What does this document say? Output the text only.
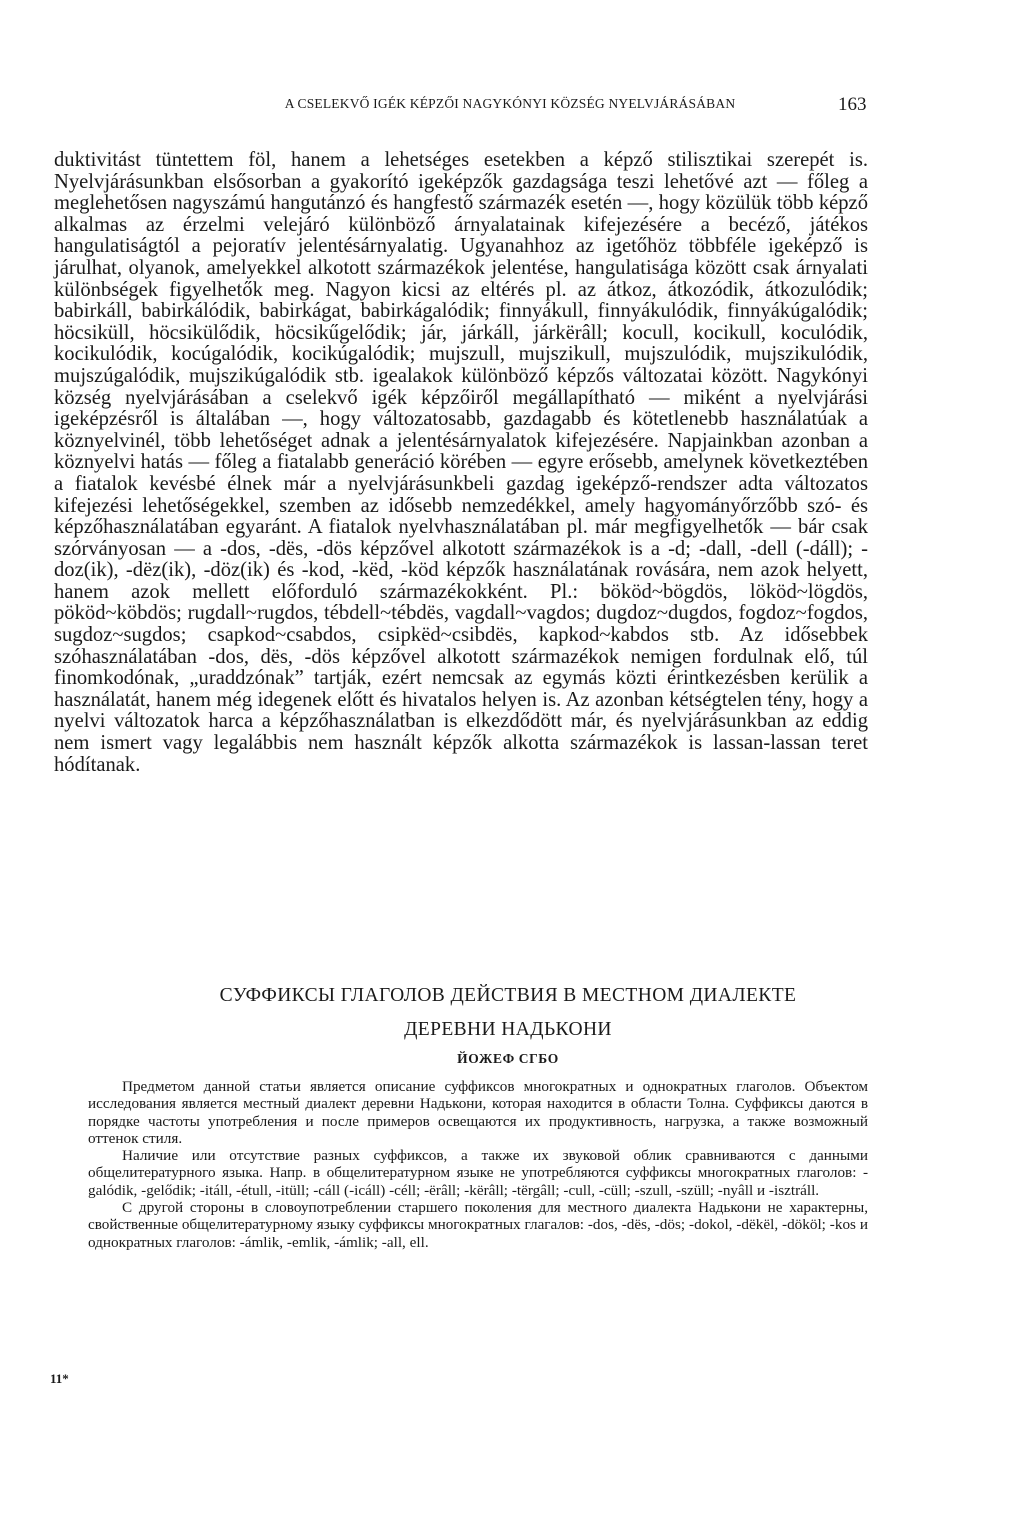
A CSELEKVŐ IGÉK KÉPZŐI NAGYKÓNYI KÖZSÉG NYELVJÁRÁSÁBAN	163

duktivitást tüntettem föl, hanem a lehetséges esetekben a képző stilisztikai szerepét is. Nyelvjárásunkban elsősorban a gyakorító igeképzők gazdagsága teszi lehetővé azt — főleg a meglehetősen nagyszámú hangutánzó és hangfestő származék esetén —, hogy közülük több képző alkalmas az érzelmi velejáró különböző árnyalatainak kifejezésére a becéző, játékos hangulatiságtól a pejoratív jelentésárnyalatig. Ugyanahhoz az igetőhöz többféle igeképző is járulhat, olyanok, amelyekkel alkotott származékok jelentése, hangulatisága között csak árnyalati különbségek figyelhetők meg. Nagyon kicsi az eltérés pl. az átkoz, átkozódik, átkozulódik; babirkáll, babirkálódik, babirkágat, babirkágalódik; finnyákull, finnyákulódik, finnyákúgalódik; höcsiküll, höcsikülődik, höcsikűgelődik; jár, járkáll, járkërâll; kocull, kocikull, koculódik, kocikulódik, kocúgalódik, kocikúgalódik; mujszull, mujszikull, mujszulódik, mujszikulódik, mujszúgalódik, mujszikúgalódik stb. igealakok különböző képzős változatai között. Nagykónyi község nyelvjárásában a cselekvő igék képzőiről megállapítható — miként a nyelvjárási igeképzésről is általában —, hogy változatosabb, gazdagabb és kötetlenebb használatúak a köznyelvinél, több lehetőséget adnak a jelentésárnyalatok kifejezésére. Napjainkban azonban a köznyelvi hatás — főleg a fiatalabb generáció körében — egyre erősebb, amelynek következtében a fiatalok kevésbé élnek már a nyelvjárásunkbeli gazdag igeképző-rendszer adta változatos kifejezési lehetőségekkel, szemben az idősebb nemzedékkel, amely hagyományőrzőbb szó- és képzőhasználatában egyaránt. A fiatalok nyelvhasználatában pl. már megfigyelhetők — bár csak szórványosan — a -dos, -dës, -dös képzővel alkotott származékok is a -d; -dall, -dell (-dáll); -doz(ik), -dëz(ik), -döz(ik) és -kod, -këd, -köd képzők használatának rovására, nem azok helyett, hanem azok mellett előforduló származékokként. Pl.: bököd~bögdös, lököd~lögdös, pököd~köbdös; rugdall~rugdos, tébdell~tébdës, vagdall~vagdos; dugdoz~dugdos, fogdoz~fogdos, sugdoz~sugdos; csapkod~csabdos, csipkëd~csibdës, kapkod~kabdos stb. Az idősebbek szóhasználatában -dos, dës, -dös képzővel alkotott származékok nemigen fordulnak elő, túl finomkodónak, „uraddzónak” tartják, ezért nemcsak az egymás közti érintkezésben kerülik a használatát, hanem még idegenek előtt és hivatalos helyen is. Az azonban kétségtelen tény, hogy a nyelvi változatok harca a képzőhasználatban is elkezdődött már, és nyelvjárásunkban az eddig nem ismert vagy legalábbis nem használt képzők alkotta származékok is lassan-lassan teret hódítanak.

СУФФИКСЫ ГЛАГОЛОВ ДЕЙСТВИЯ В МЕСТНОМ ДИАЛЕКТЕ
ДЕРЕВНИ НАДЬКОНИ
ЙОЖЕФ СГБО

Предметом данной статьи является описание суффиксов многократных и однократных глаголов. Объектом исследования является местный диалект деревни Надькони, которая находится в области Толна. Суффиксы даются в порядке частоты употребления и после примеров освещаются их продуктивность, нагрузка, а также возможный оттенок стиля.

Наличие или отсутствие разных суффиксов, а также их звуковой облик сравниваются с данными общелитературного языка. Напр. в общелитературном языке не употребляются суффиксы многократных глаголов: -galódik, -gelődik; -itáll, -étull, -itüll; -cáll (-icáll) -céll; -ërâll; -kërâll; -tërgâll; -cull, -cüll; -szull, -szüll; -nyâll и -isztráll.

С другой стороны в словоупотреблении старшего поколения для местного диалекта Надькони не характерны, свойственные общелитературному языку суффиксы многократных глагалов: -dos, -dës, -dös; -dokol, -dëkël, -dököl; -kos и однократных глаголов: -ámlik, -emlik, -ámlik; -all, ell.

11*
